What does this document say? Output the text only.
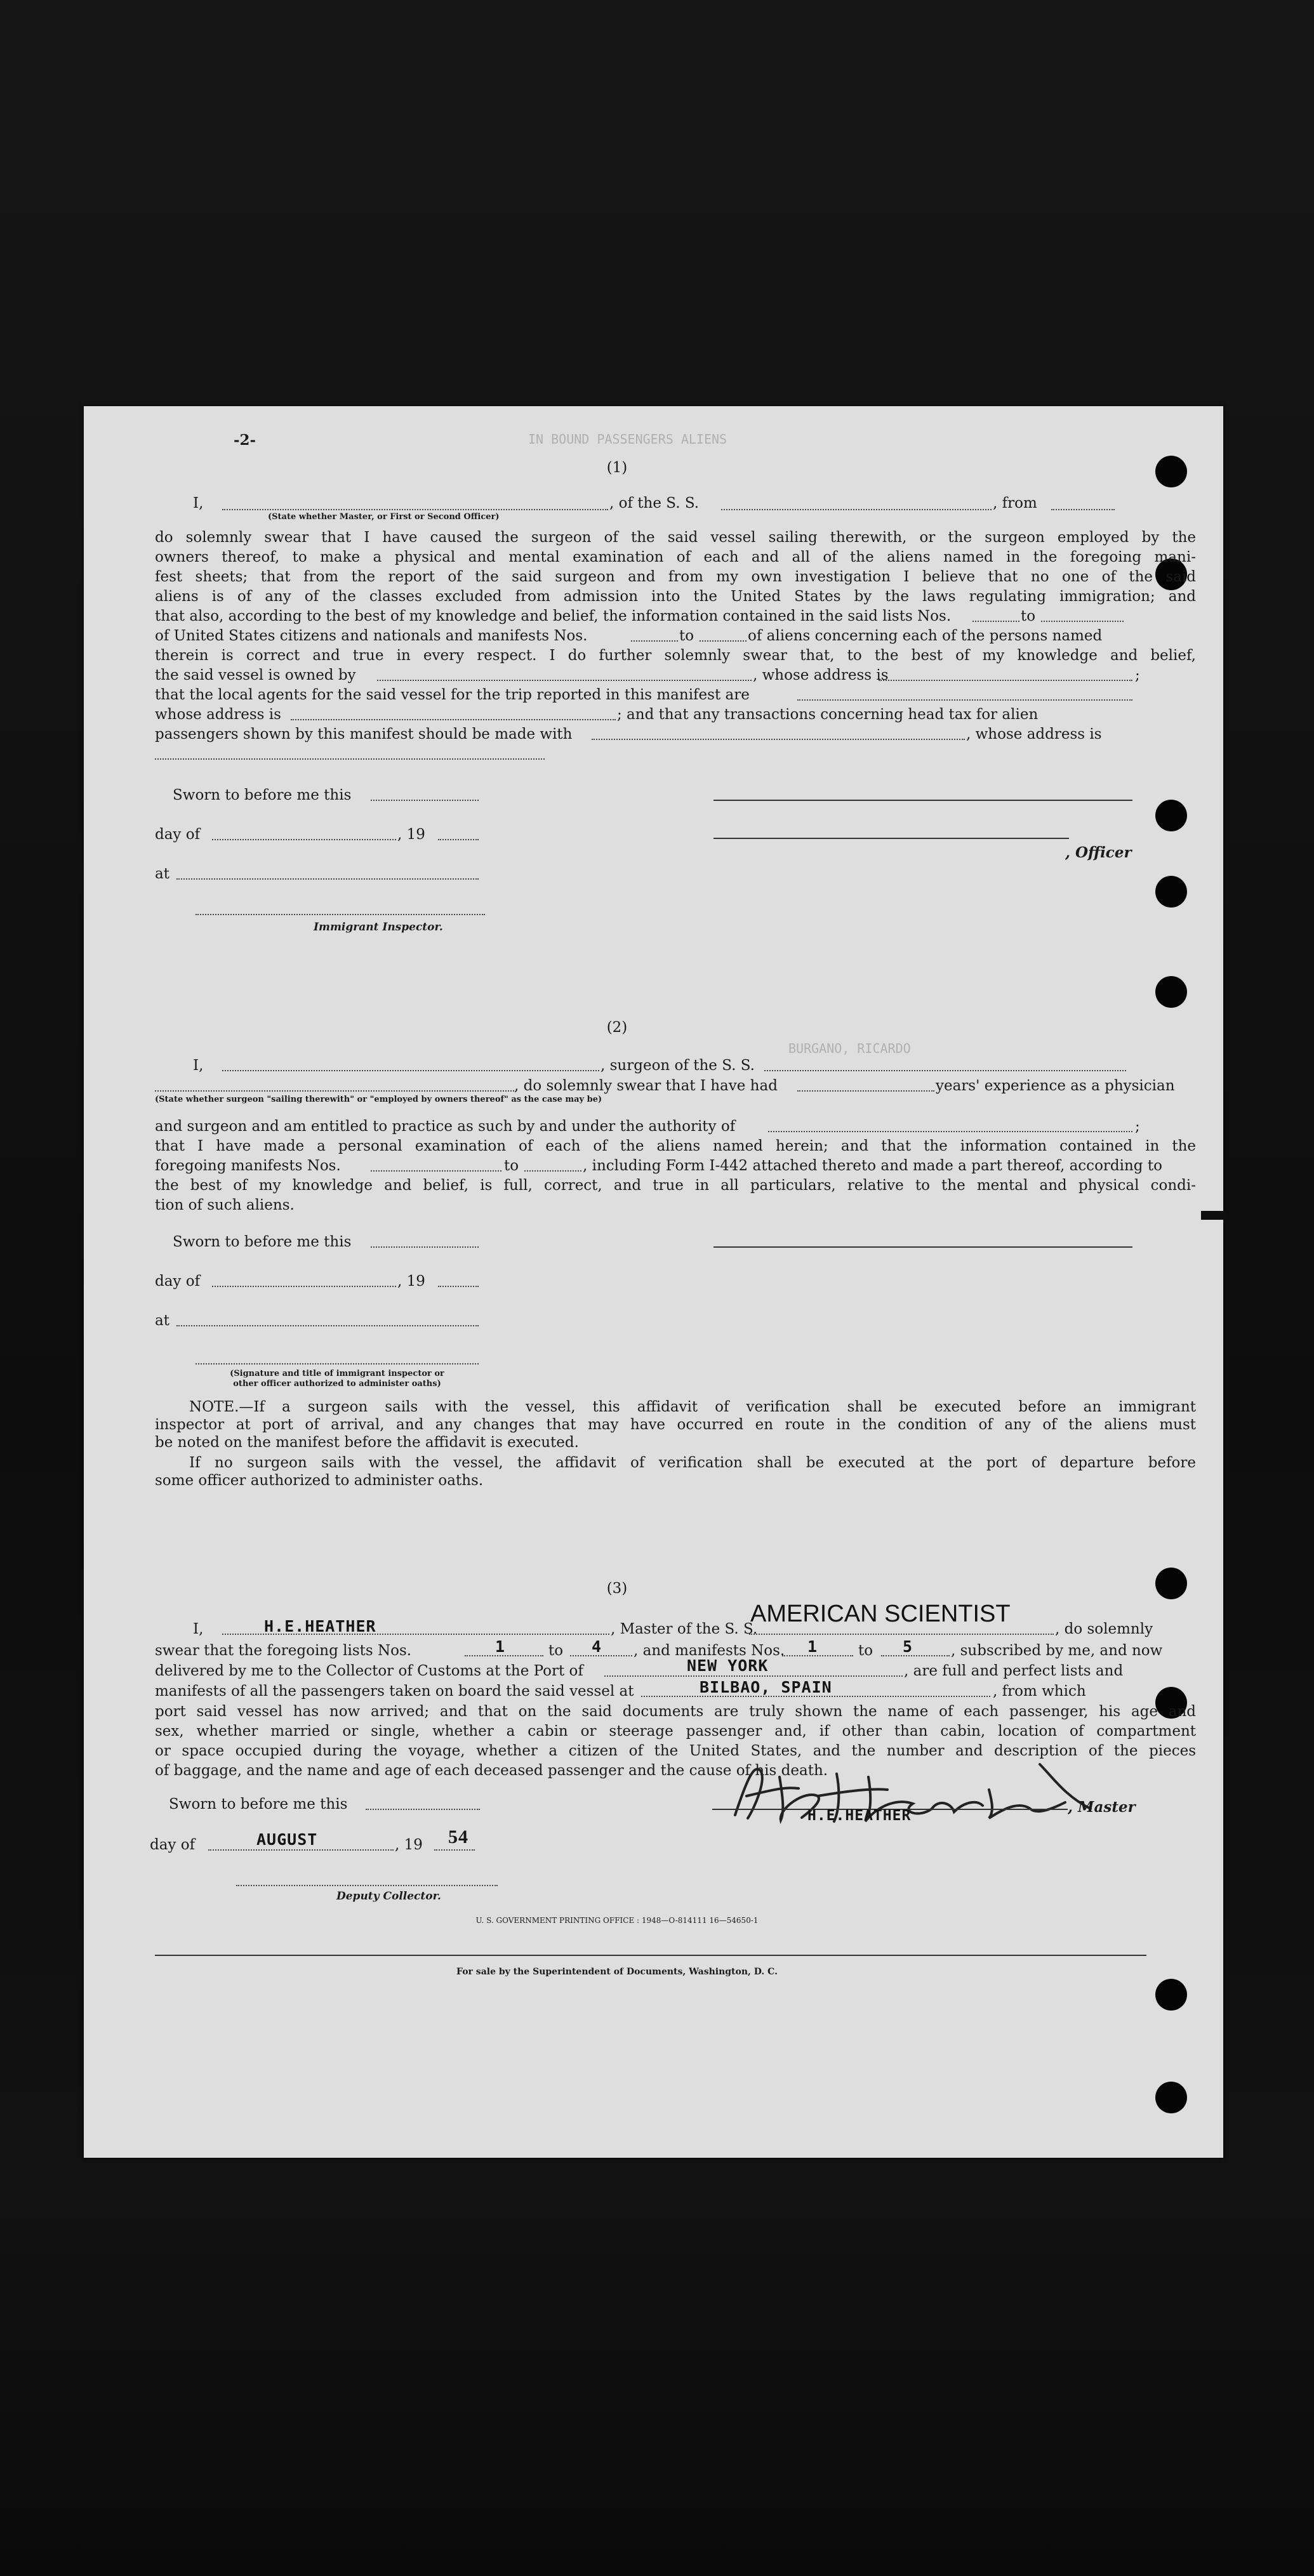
IN BOUND PASSENGERS ALIENS
BURGANO, RICARDO
-2-
(1)
I,	, of the S. S.	, from
(State whether Master, or First or Second Officer)
do solemnly swear that I have caused the surgeon of the said vessel sailing therewith, or the surgeon employed by the
owners thereof, to make a physical and mental examination of each and all of the aliens named in the foregoing mani-
fest sheets; that from the report of the said surgeon and from my own investigation I believe that no one of the said
aliens is of any of the classes excluded from admission into the United States by the laws regulating immigration; and
that also, according to the best of my knowledge and belief, the information contained in the said lists Nos.	to
of United States citizens and nationals and manifests Nos.	to	of aliens concerning each of the persons named
therein is correct and true in every respect. I do further solemnly swear that, to the best of my knowledge and belief,
the said vessel is owned by	, whose address is	;
that the local agents for the said vessel for the trip reported in this manifest are
whose address is	; and that any transactions concerning head tax for alien
passengers shown by this manifest should be made with	, whose address is
Sworn to before me this
day of	, 19
, Officer
at
Immigrant Inspector.
(2)
I,	, surgeon of the S. S.
, do solemnly swear that I have had	years' experience as a physician
(State whether surgeon "sailing therewith" or "employed by owners thereof" as the case may be)
and surgeon and am entitled to practice as such by and under the authority of	;
that I have made a personal examination of each of the aliens named herein; and that the information contained in the
foregoing manifests Nos.	to	, including Form I-442 attached thereto and made a part thereof, according to
the best of my knowledge and belief, is full, correct, and true in all particulars, relative to the mental and physical condi-
tion of such aliens.
Sworn to before me this
day of	, 19
at
(Signature and title of immigrant inspector or
other officer authorized to administer oaths)
NOTE.—If a surgeon sails with the vessel, this affidavit of verification shall be executed before an immigrant
inspector at port of arrival, and any changes that may have occurred en route in the condition of any of the aliens must
be noted on the manifest before the affidavit is executed.
If no surgeon sails with the vessel, the affidavit of verification shall be executed at the port of departure before
some officer authorized to administer oaths.
(3)
I,	H.E.HEATHER	, Master of the S. S.
AMERICAN SCIENTIST
, do solemnly
swear that the foregoing lists Nos.	1	to 4 , and manifests Nos. 1	to 5	, subscribed by me, and now
delivered by me to the Collector of Customs at the Port of	NEW YORK	, are full and perfect lists and
manifests of all the passengers taken on board the said vessel at	BILBAO, SPAIN	, from which
port said vessel has now arrived; and that on the said documents are truly shown the name of each passenger, his age and
sex, whether married or single, whether a cabin or steerage passenger and, if other than cabin, location of compartment
or space occupied during the voyage, whether a citizen of the United States, and the number and description of the pieces
of baggage, and the name and age of each deceased passenger and the cause of his death.
Sworn to before me this	, Master
H.E.HEATHER
day of	AUGUST	, 19 54
Deputy Collector.
U. S. GOVERNMENT PRINTING OFFICE : 1948—O-814111 16—54650-1
For sale by the Superintendent of Documents, Washington, D. C.
